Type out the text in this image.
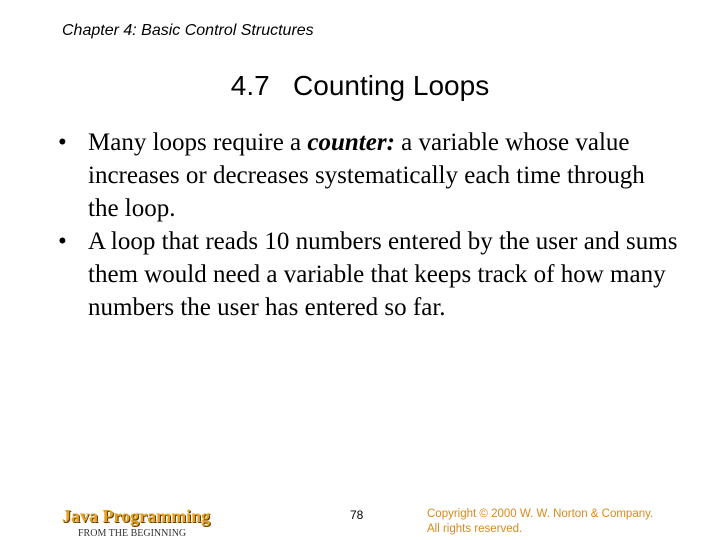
Chapter 4: Basic Control Structures
4.7   Counting Loops
• Many loops require a counter: a variable whose value increases or decreases systematically each time through the loop.
• A loop that reads 10 numbers entered by the user and sums them would need a variable that keeps track of how many numbers the user has entered so far.
Java Programming
FROM THE BEGINNING
78	Copyright © 2000 W. W. Norton & Company.
All rights reserved.
